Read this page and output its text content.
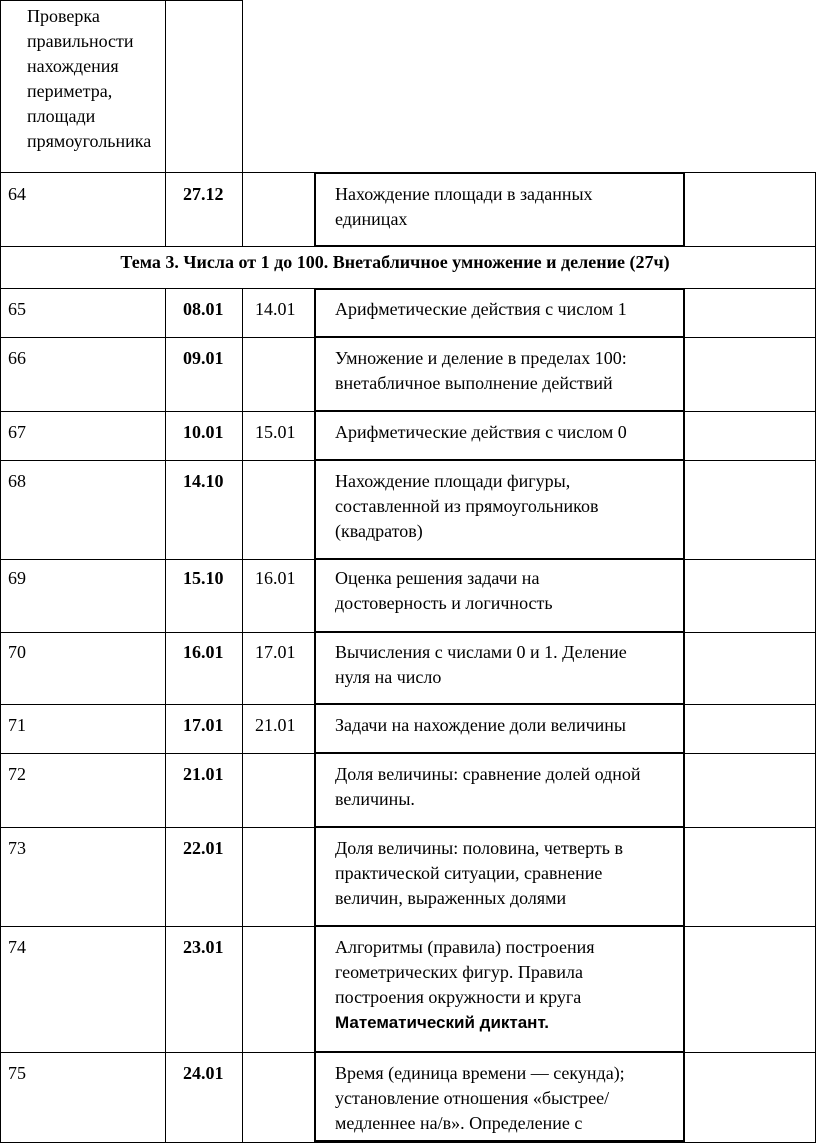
Проверка
правильности
нахождения
периметра,
площади
прямоугольника
64	27.12	Нахождение площади в заданных
единицах
Тема 3. Числа от 1 до 100. Внетабличное умножение и деление (27ч)
65	08.01 14.01 Арифметические действия с числом 1
66	09.01	Умножение и деление в пределах 100:
внетабличное выполнение действий
67	10.01 15.01 Арифметические действия с числом 0
68	14.10	Нахождение площади фигуры,
составленной из прямоугольников
(квадратов)
69	15.10 16.01 Оценка решения задачи на
достоверность и логичность
70	16.01 17.01 Вычисления с числами 0 и 1. Деление
нуля на число
71	17.01 21.01 Задачи на нахождение доли величины
72	21.01	Доля величины: сравнение долей одной
величины.
73	22.01	Доля величины: половина, четверть в
практической ситуации, сравнение
величин, выраженных долями
74	23.01	Алгоритмы (правила) построения
геометрических фигур. Правила
построения окружности и круга
Математический диктант.
75	24.01	Время (единица времени — секунда);
установление отношения «быстрее/
медленнее на/в». Определение с
